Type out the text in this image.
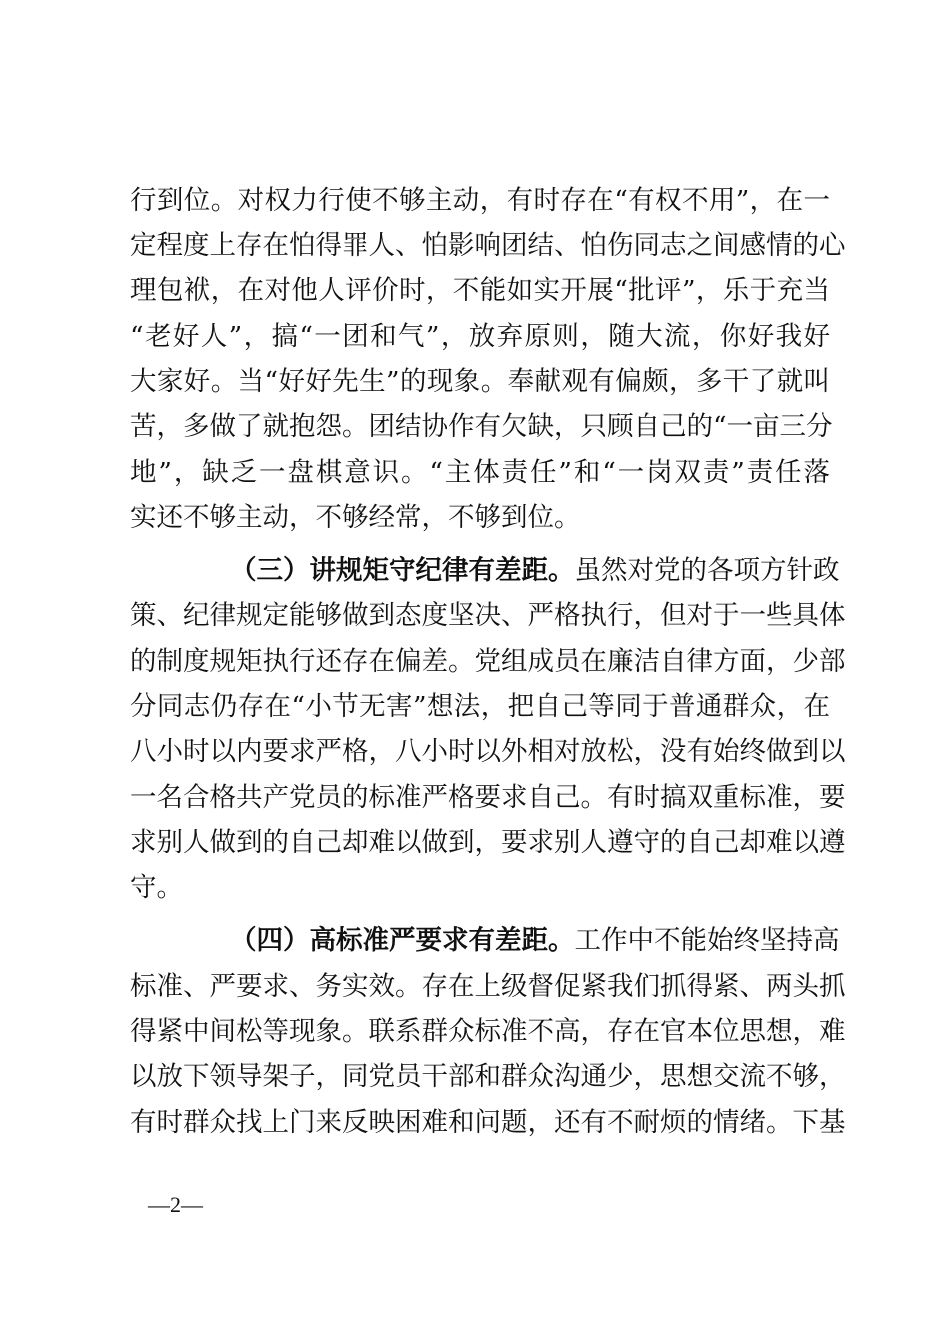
行到位。对权力行使不够主动，有时存在“有权不用”，在一
定程度上存在怕得罪人、怕影响团结、怕伤同志之间感情的心
理包袱，在对他人评价时，不能如实开展“批评”，乐于充当
“老好人”，搞“一团和气”，放弃原则，随大流，你好我好
大家好。当“好好先生”的现象。奉献观有偏颇，多干了就叫
苦，多做了就抱怨。团结协作有欠缺，只顾自己的“一亩三分
地”，缺乏一盘棋意识。“主体责任”和“一岗双责”责任落
实还不够主动，不够经常，不够到位。
（三）讲规矩守纪律有差距。虽然对党的各项方针政
策、纪律规定能够做到态度坚决、严格执行，但对于一些具体
的制度规矩执行还存在偏差。党组成员在廉洁自律方面，少部
分同志仍存在“小节无害”想法，把自己等同于普通群众，在
八小时以内要求严格，八小时以外相对放松，没有始终做到以
一名合格共产党员的标准严格要求自己。有时搞双重标准，要
求别人做到的自己却难以做到，要求别人遵守的自己却难以遵
守。
（四）高标准严要求有差距。工作中不能始终坚持高
标准、严要求、务实效。存在上级督促紧我们抓得紧、两头抓
得紧中间松等现象。联系群众标准不高，存在官本位思想，难
以放下领导架子，同党员干部和群众沟通少，思想交流不够，
有时群众找上门来反映困难和问题，还有不耐烦的情绪。下基
—2—
